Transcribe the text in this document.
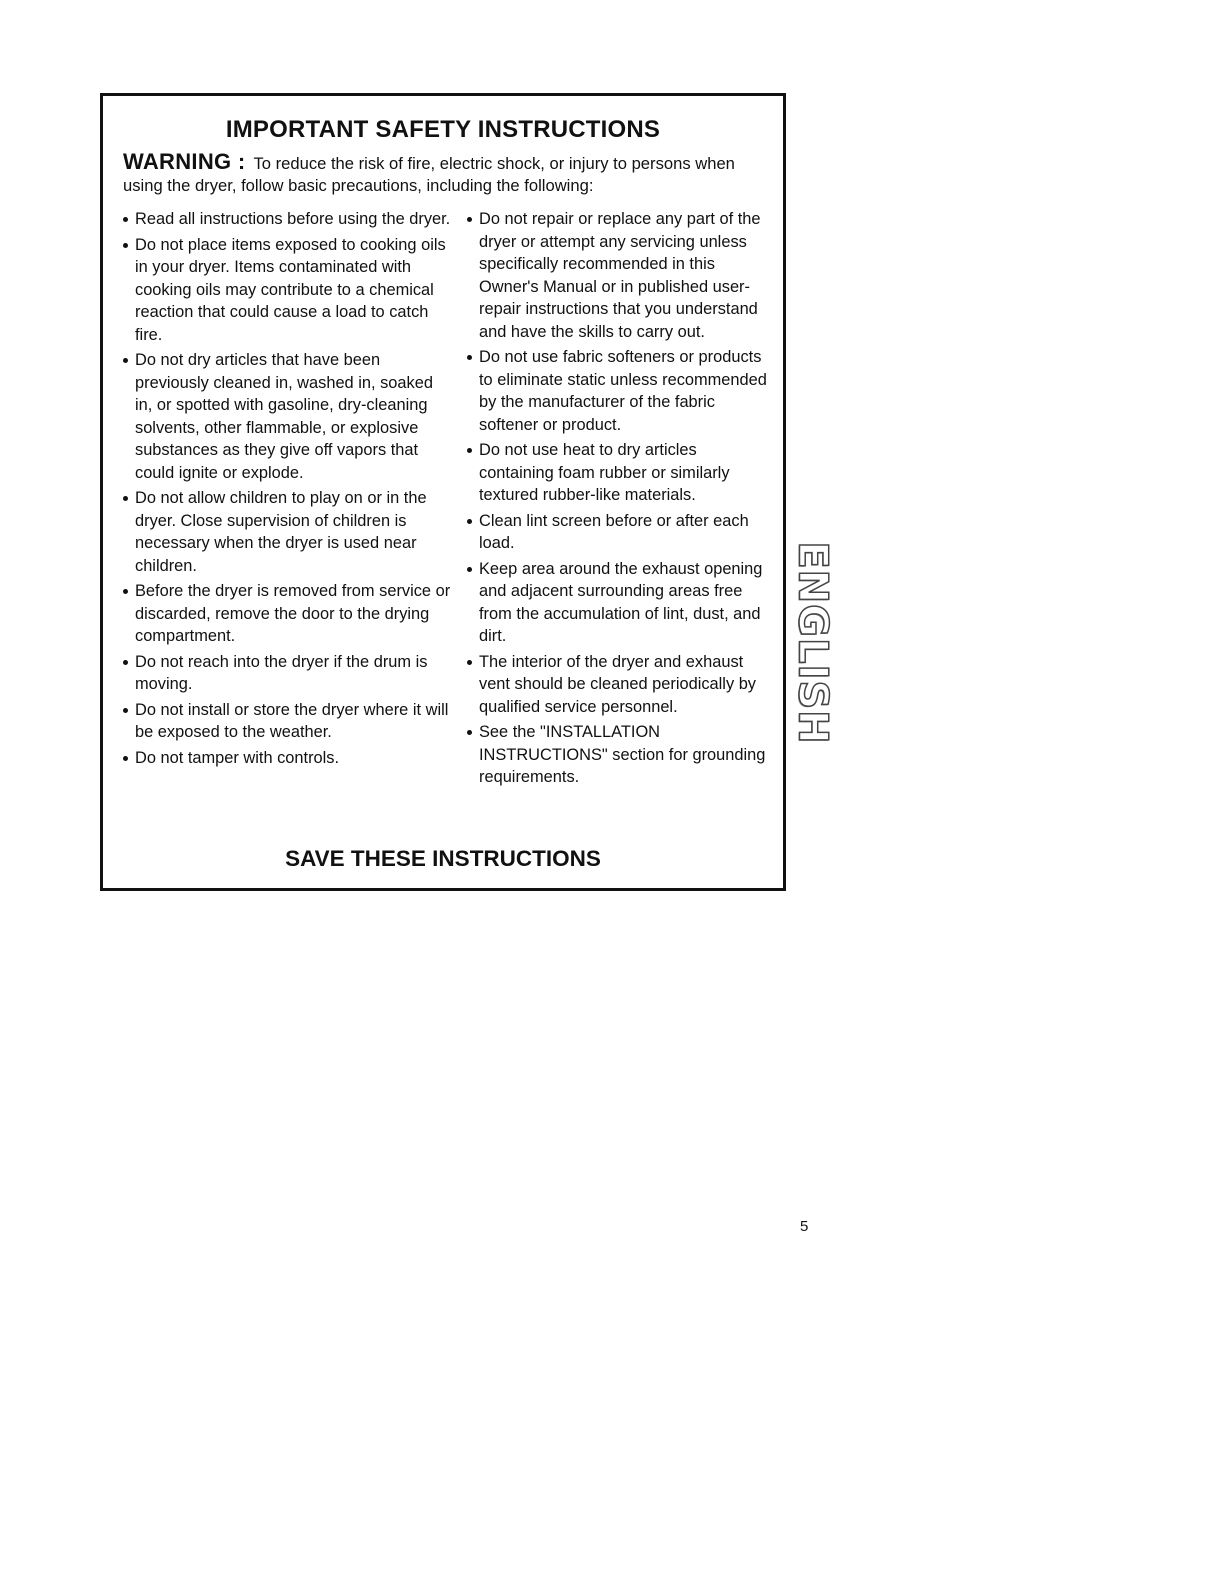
IMPORTANT SAFETY INSTRUCTIONS

WARNING : To reduce the risk of fire, electric shock, or injury to persons when using the dryer, follow basic precautions, including the following:

Read all instructions before using the dryer.
Do not place items exposed to cooking oils in your dryer. Items contaminated with cooking oils may contribute to a chemical reaction that could cause a load to catch fire.
Do not dry articles that have been previously cleaned in, washed in, soaked in, or spotted with gasoline, dry-cleaning solvents, other flammable, or explosive substances as they give off vapors that could ignite or explode.
Do not allow children to play on or in the dryer. Close supervision of children is necessary when the dryer is used near children.
Before the dryer is removed from service or discarded, remove the door to the drying compartment.
Do not reach into the dryer if the drum is moving.
Do not install or store the dryer where it will be exposed to the weather.
Do not tamper with controls.
Do not repair or replace any part of the dryer or attempt any servicing unless specifically recommended in this Owner's Manual or in published user-repair instructions that you understand and have the skills to carry out.
Do not use fabric softeners or products to eliminate static unless recommended by the manufacturer of the fabric softener or product.
Do not use heat to dry articles containing foam rubber or similarly textured rubber-like materials.
Clean lint screen before or after each load.
Keep area around the exhaust opening and adjacent surrounding areas free from the accumulation of lint, dust, and dirt.
The interior of the dryer and exhaust vent should be cleaned periodically by qualified service personnel.
See the "INSTALLATION INSTRUCTIONS" section for grounding requirements.
SAVE THESE INSTRUCTIONS
ENGLISH

5
